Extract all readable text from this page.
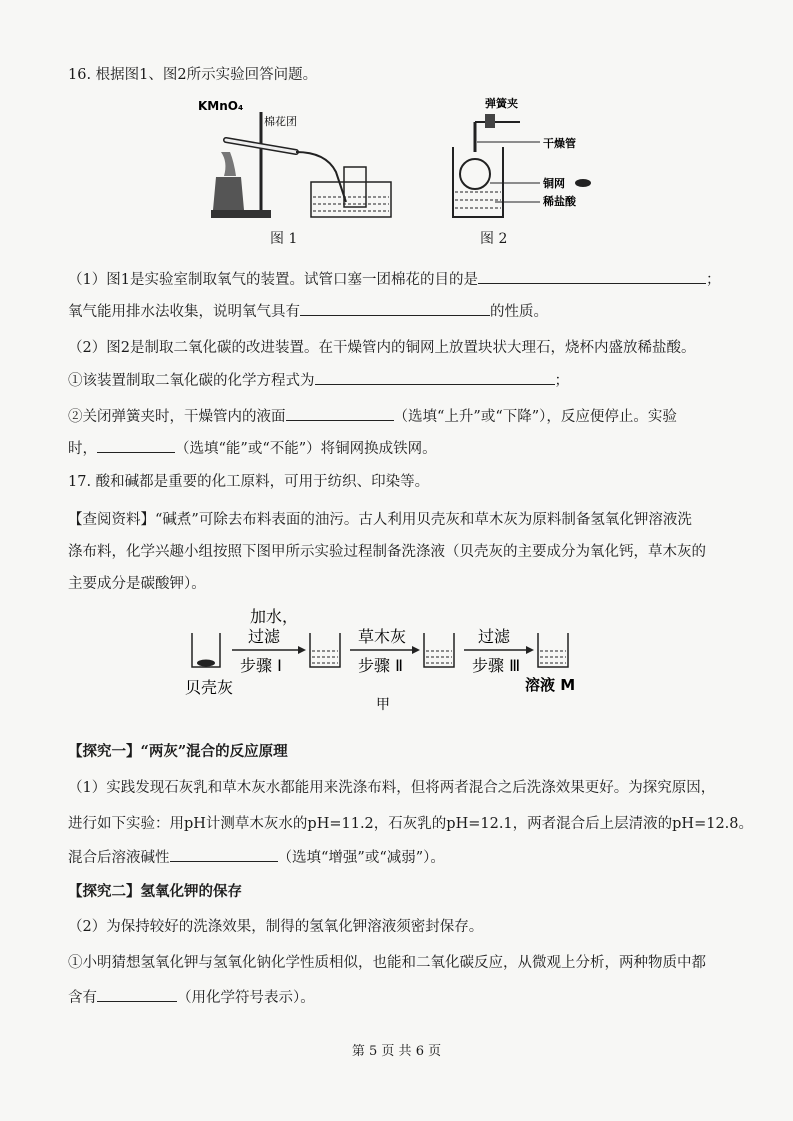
16. 根据图1、图2所示实验回答问题。
KMnO₄
棉花团
图 1
弹簧夹
干燥管
铜网
稀盐酸
图 2
（1）图1是实验室制取氧气的装置。试管口塞一团棉花的目的是	；
氧气能用排水法收集，说明氧气具有	的性质。
（2）图2是制取二氧化碳的改进装置。在干燥管内的铜网上放置块状大理石，烧杯内盛放稀盐酸。
①该装置制取二氧化碳的化学方程式为	；
②关闭弹簧夹时，干燥管内的液面	（选填“上升”或“下降”），反应便停止。实验
时，	（选填“能”或“不能”）将铜网换成铁网。
17. 酸和碱都是重要的化工原料，可用于纺织、印染等。
【查阅资料】“碱煮”可除去布料表面的油污。古人利用贝壳灰和草木灰为原料制备氢氧化钾溶液洗
涤布料，化学兴趣小组按照下图甲所示实验过程制备洗涤液（贝壳灰的主要成分为氧化钙，草木灰的
主要成分是碳酸钾）。
贝壳灰
加水，
过滤
步骤 Ⅰ
草木灰
步骤 Ⅱ
过滤
步骤 Ⅲ
溶液 M
甲
【探究一】“两灰”混合的反应原理
（1）实践发现石灰乳和草木灰水都能用来洗涤布料，但将两者混合之后洗涤效果更好。为探究原因，
进行如下实验：用pH计测草木灰水的pH=11.2，石灰乳的pH=12.1，两者混合后上层清液的pH=12.8。
混合后溶液碱性	（选填“增强”或“减弱”）。
【探究二】氢氧化钾的保存
（2）为保持较好的洗涤效果，制得的氢氧化钾溶液须密封保存。
①小明猜想氢氧化钾与氢氧化钠化学性质相似，也能和二氧化碳反应，从微观上分析，两种物质中都
含有	（用化学符号表示）。
第 5 页 共 6 页
